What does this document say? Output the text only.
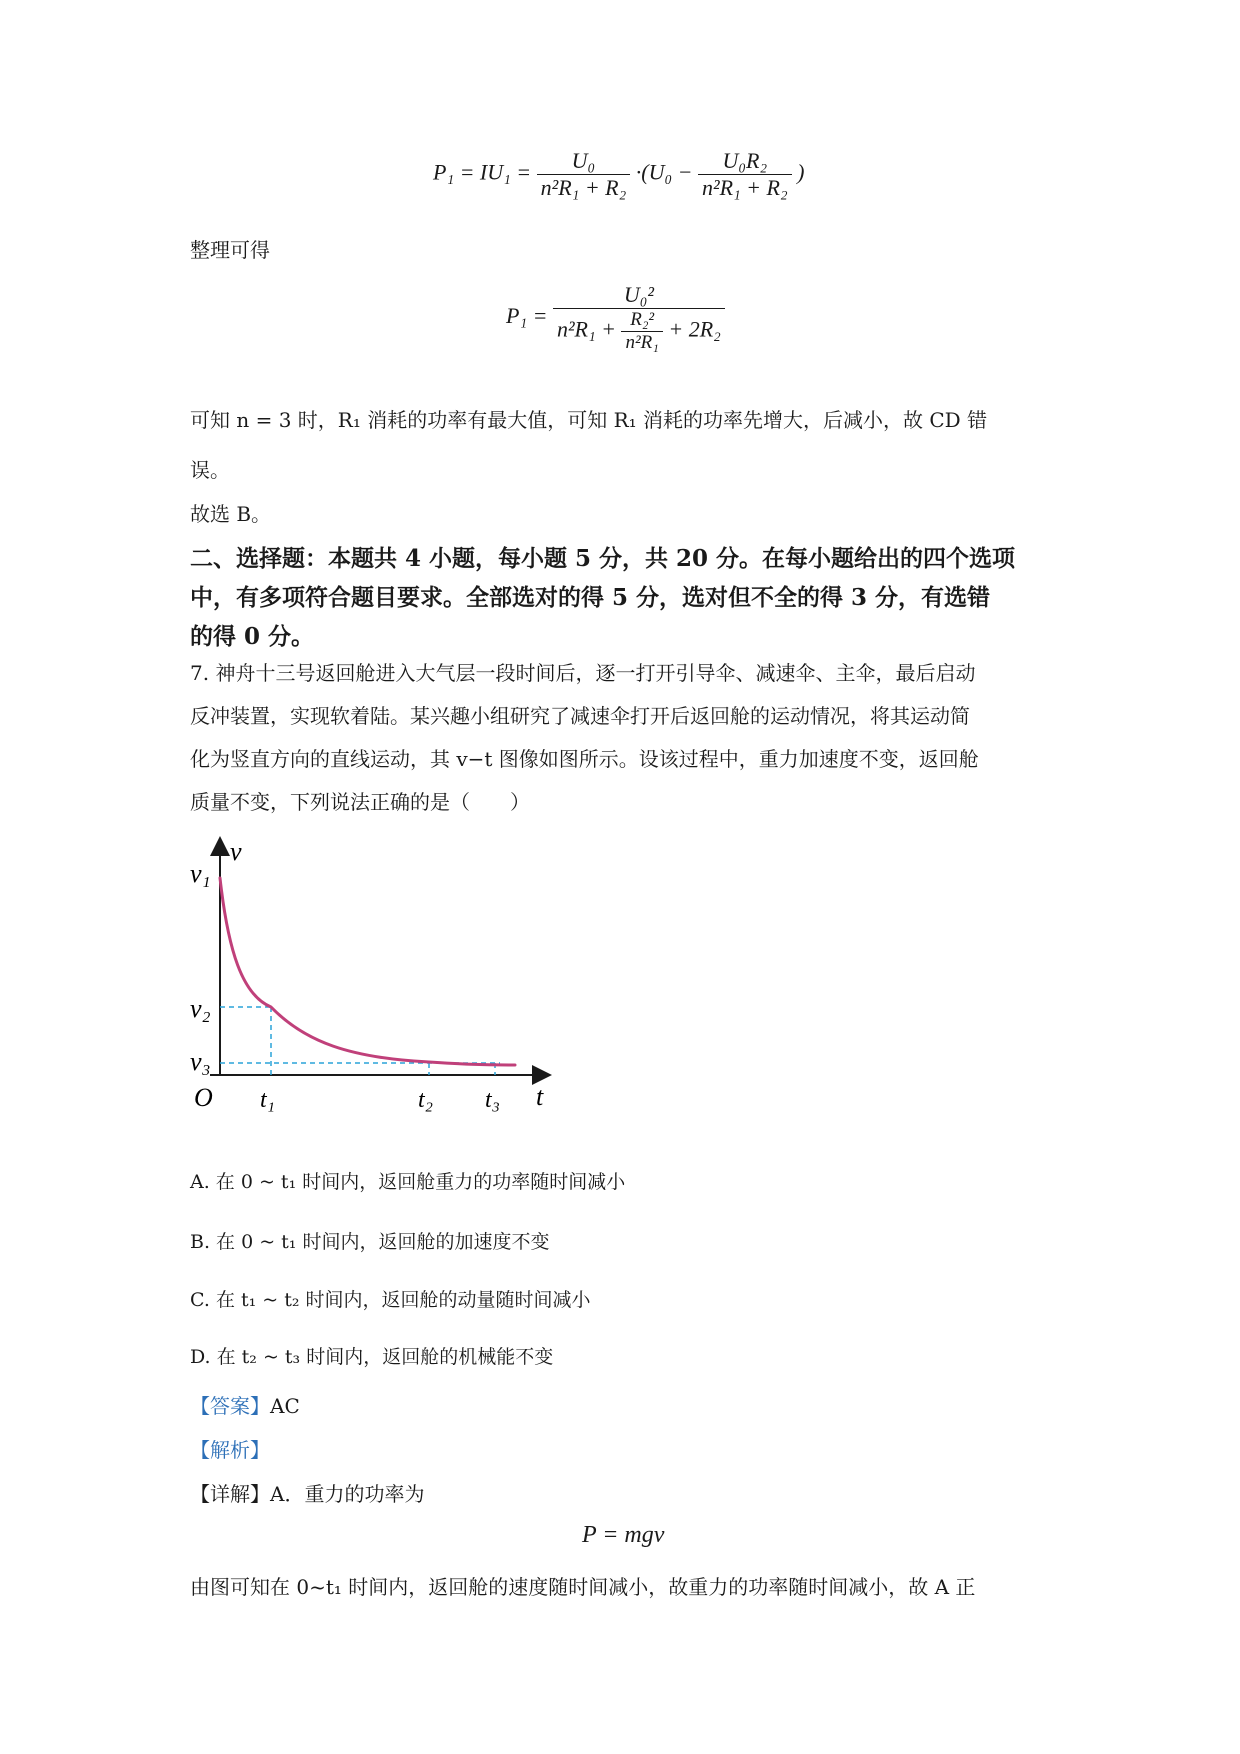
$P_1 = IU_1 = \frac{\text{U₀}}{\text{n²R₁ + R₂}} \cdot(U_0 - \frac{\text{U₀R₂}}{\text{n²R₁ + R₂}}$ )
整理可得
$P_1 = \frac{\text{U₀²}}{n^2R_1 + \frac{\text{R₂²}}{\text{n²R₁}} + 2R_2}$
可知 n = 3 时，R₁ 消耗的功率有最大值，可知 R₁ 消耗的功率先增大，后减小，故 CD 错
误。
故选 B。
二、选择题：本题共 4 小题，每小题 5 分，共 20 分。在每小题给出的四个选项
中，有多项符合题目要求。全部选对的得 5 分，选对但不全的得 3 分，有选错
的得 0 分。
7. 神舟十三号返回舱进入大气层一段时间后，逐一打开引导伞、减速伞、主伞，最后启动
反冲装置，实现软着陆。某兴趣小组研究了减速伞打开后返回舱的运动情况，将其运动简
化为竖直方向的直线运动，其 v−t 图像如图所示。设该过程中，重力加速度不变，返回舱
质量不变，下列说法正确的是（　　）
v
t
O
v₁
v₂
v₃
t₁	t₂ t₃
A. 在 0 ~ t₁ 时间内，返回舱重力的功率随时间减小
B. 在 0 ~ t₁ 时间内，返回舱的加速度不变
C. 在 t₁ ~ t₂ 时间内，返回舱的动量随时间减小
D. 在 t₂ ~ t₃ 时间内，返回舱的机械能不变
【答案】AC
【解析】
【详解】A．重力的功率为
P = mgv
由图可知在 0~t₁ 时间内，返回舱的速度随时间减小，故重力的功率随时间减小，故 A 正
